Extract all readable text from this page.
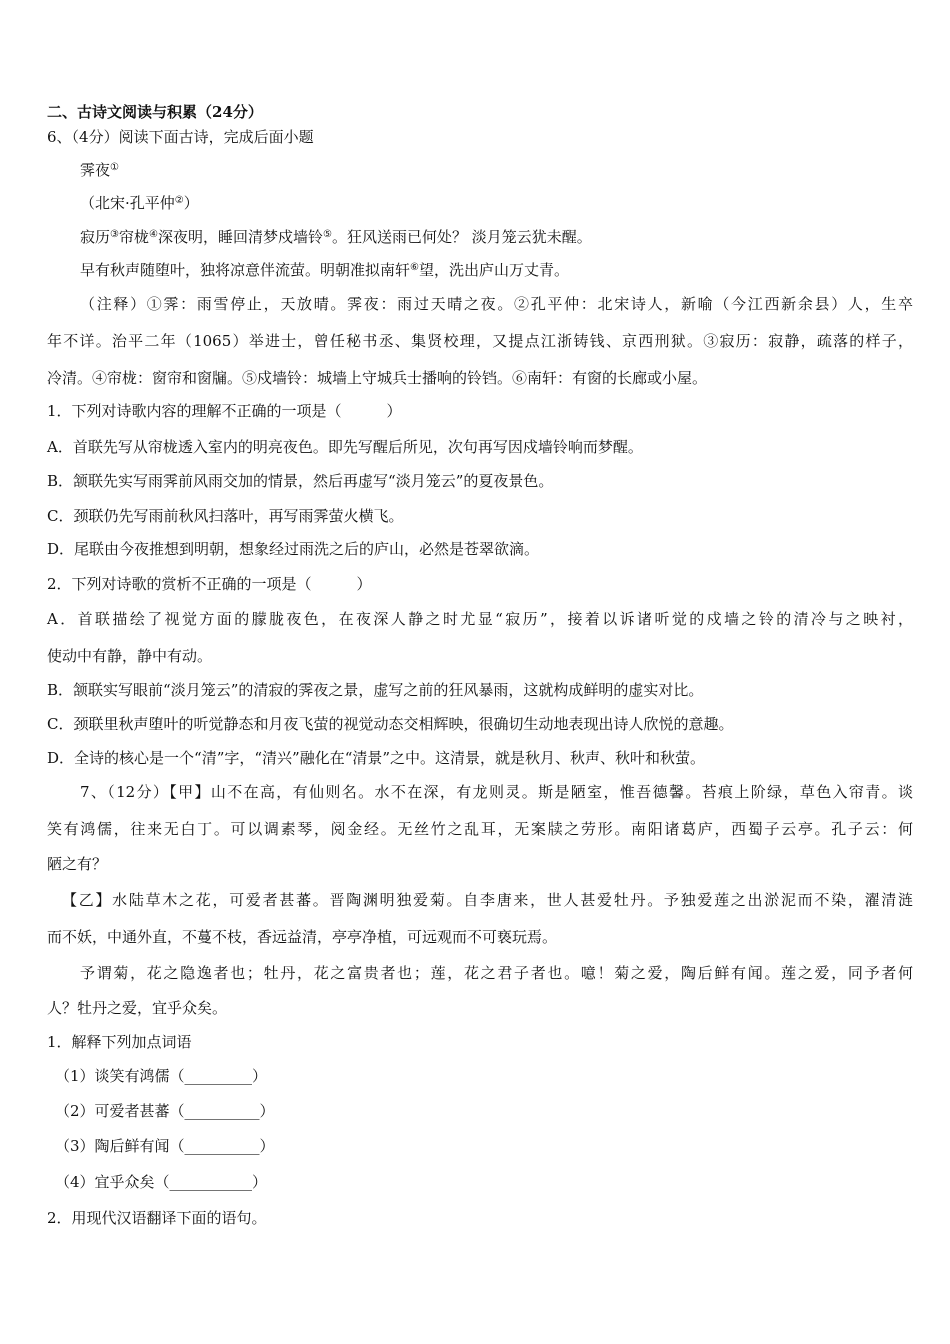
二、古诗文阅读与积累（24分）
6、（4分）阅读下面古诗，完成后面小题
霁夜①
（北宋·孔平仲②）
寂历③帘栊④深夜明，睡回清梦戍墙铃⑤。狂风送雨已何处？ 淡月笼云犹未醒。
早有秋声随堕叶，独将凉意伴流萤。明朝准拟南轩⑥望，洗出庐山万丈青。
（注释）①霁：雨雪停止，天放晴。霁夜：雨过天晴之夜。②孔平仲：北宋诗人，新喻（今江西新余县）人，生卒
年不详。治平二年（1065）举进士，曾任秘书丞、集贤校理，又提点江浙铸钱、京西刑狱。③寂历：寂静，疏落的样子，
冷清。④帘栊：窗帘和窗牖。⑤戍墙铃：城墙上守城兵士播响的铃铛。⑥南轩：有窗的长廊或小屋。
1．下列对诗歌内容的理解不正确的一项是（　　　）
A．首联先写从帘栊透入室内的明亮夜色。即先写醒后所见，次句再写因戍墙铃响而梦醒。
B．颔联先实写雨霁前风雨交加的情景，然后再虚写“淡月笼云”的夏夜景色。
C．颈联仍先写雨前秋风扫落叶，再写雨霁萤火横飞。
D．尾联由今夜推想到明朝，想象经过雨洗之后的庐山，必然是苍翠欲滴。
2．下列对诗歌的赏析不正确的一项是（　　　）
A．首联描绘了视觉方面的朦胧夜色，在夜深人静之时尤显“寂历”，接着以诉诸听觉的戍墙之铃的清冷与之映衬，
使动中有静，静中有动。
B．颔联实写眼前“淡月笼云”的清寂的霁夜之景，虚写之前的狂风暴雨，这就构成鲜明的虚实对比。
C．颈联里秋声堕叶的听觉静态和月夜飞萤的视觉动态交相辉映，很确切生动地表现出诗人欣悦的意趣。
D．全诗的核心是一个“清”字，“清兴”融化在“清景”之中。这清景，就是秋月、秋声、秋叶和秋萤。
7、（12分）【甲】山不在高，有仙则名。水不在深，有龙则灵。斯是陋室，惟吾德馨。苔痕上阶绿，草色入帘青。谈
笑有鸿儒，往来无白丁。可以调素琴，阅金经。无丝竹之乱耳，无案牍之劳形。南阳诸葛庐，西蜀子云亭。孔子云：何
陋之有？
【乙】水陆草木之花，可爱者甚蕃。晋陶渊明独爱菊。自李唐来，世人甚爱牡丹。予独爱莲之出淤泥而不染，濯清涟
而不妖，中通外直，不蔓不枝，香远益清，亭亭净植，可远观而不可亵玩焉。
予谓菊，花之隐逸者也；牡丹，花之富贵者也；莲，花之君子者也。噫！菊之爱，陶后鲜有闻。莲之爱，同予者何
人？牡丹之爱，宜乎众矣。
1．解释下列加点词语
（1）谈笑有鸿儒（_________）
（2）可爱者甚蕃（__________）
（3）陶后鲜有闻（__________）
（4）宜乎众矣（___________）
2．用现代汉语翻译下面的语句。
